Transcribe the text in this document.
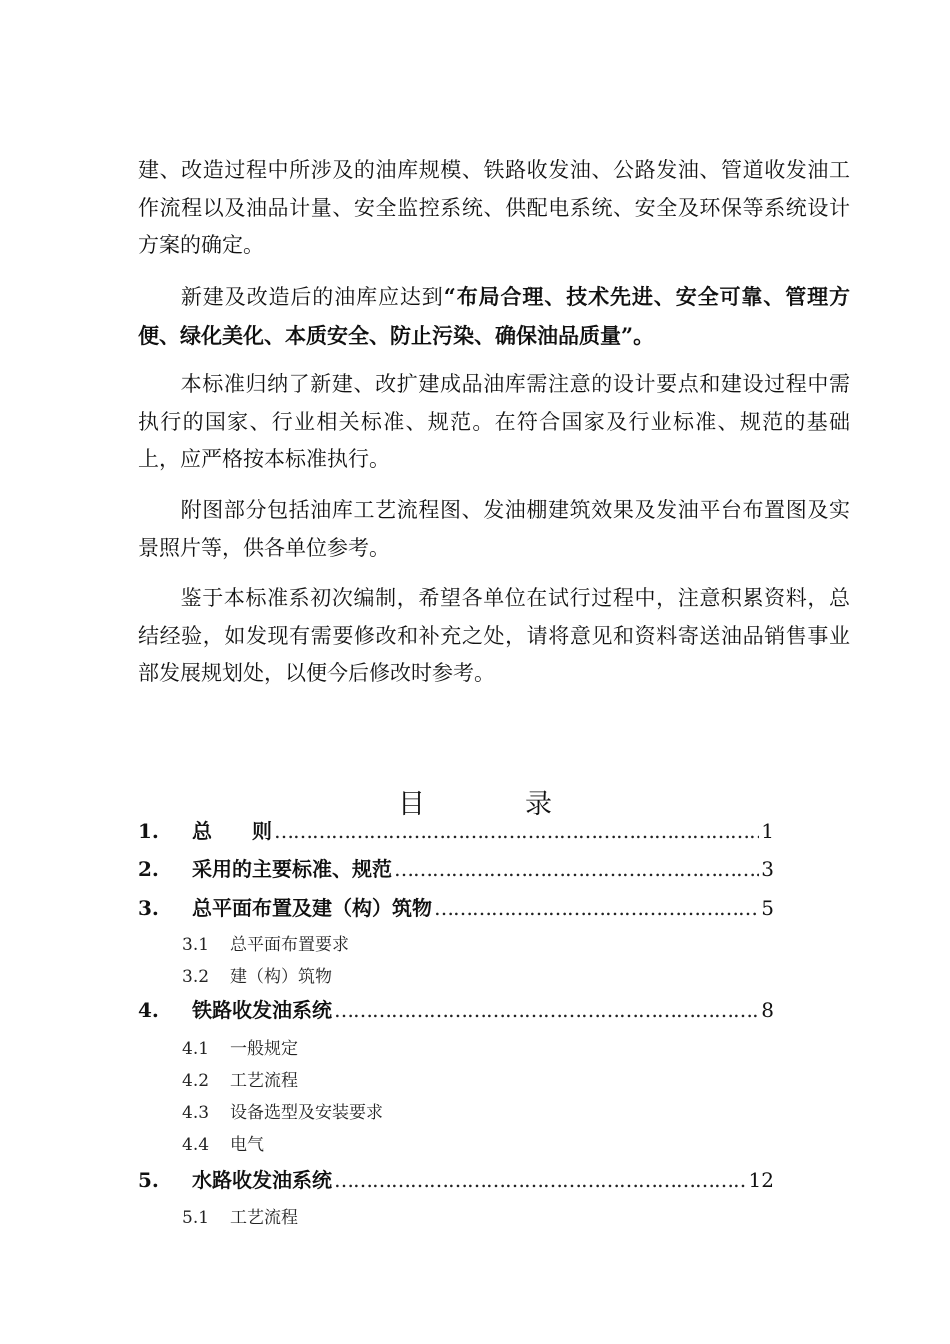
建、改造过程中所涉及的油库规模、铁路收发油、公路发油、管道收发油工作流程以及油品计量、安全监控系统、供配电系统、安全及环保等系统设计方案的确定。

新建及改造后的油库应达到“布局合理、技术先进、安全可靠、管理方便、绿化美化、本质安全、防止污染、确保油品质量”。

本标准归纳了新建、改扩建成品油库需注意的设计要点和建设过程中需执行的国家、行业相关标准、规范。在符合国家及行业标准、规范的基础上，应严格按本标准执行。

附图部分包括油库工艺流程图、发油棚建筑效果及发油平台布置图及实景照片等，供各单位参考。

鉴于本标准系初次编制，希望各单位在试行过程中，注意积累资料，总结经验，如发现有需要修改和补充之处，请将意见和资料寄送油品销售事业部发展规划处，以便今后修改时参考。

目	录
1.	总　　则 ……………………………………………………………………………………………………………………………………………………	1
2.	采用的主要标准、规范 ……………………………………………………………………………………………………………………………………………………	3
3.	总平面布置及建（构）筑物 ……………………………………………………………………………………………………………………………………………………	5
3.1 总平面布置要求
3.2 建（构）筑物
4.	铁路收发油系统 ……………………………………………………………………………………………………………………………………………………	8
4.1 一般规定
4.2 工艺流程
4.3 设备选型及安装要求
4.4 电气
5.	水路收发油系统 ……………………………………………………………………………………………………………………………………………………	12
5.1 工艺流程
